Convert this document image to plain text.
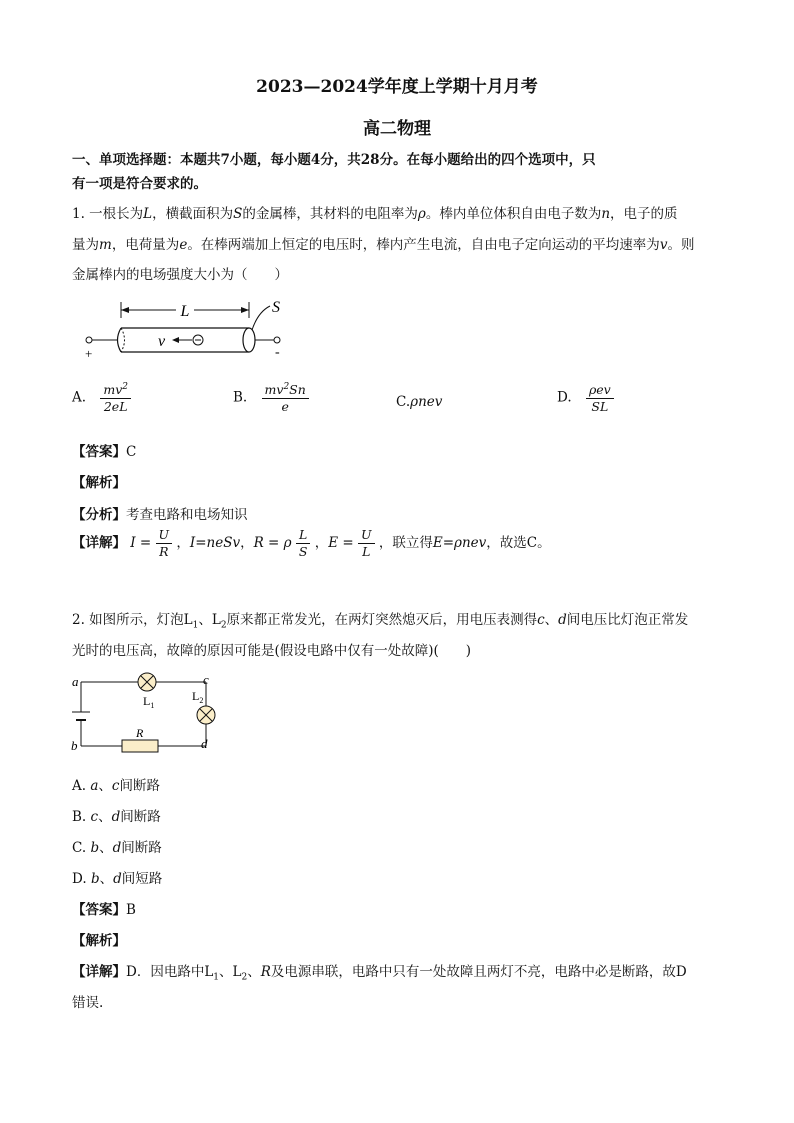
2023—2024学年度上学期十月月考
高二物理
一、单项选择题：本题共7小题，每小题4分，共28分。在每小题给出的四个选项中，只
有一项是符合要求的。
1. 一根长为L，横截面积为S的金属棒，其材料的电阻率为ρ。棒内单位体积自由电子数为n，电子的质
量为m，电荷量为e。在棒两端加上恒定的电压时，棒内产生电流，自由电子定向运动的平均速率为v。则
金属棒内的电场强度大小为（　　）
L	S
+	-
v
A. $\frac{mv^2}{2eL}$	B. $\frac{mv^2Sn}{e}$	C.ρnev	D. $\frac{\text{ρev}}{SL}$
【答案】C
【解析】
【分析】考查电路和电场知识
【详解】 $I = \frac{U}{R}$ ，I=neSv，R = ρ $\frac{L}{S}$ ，$E = \frac{U}{L}$ ，联立得E=ρnev，故选C。
2. 如图所示，灯泡$L_1$、$L_2$原来都正常发光，在两灯突然熄灭后，用电压表测得c、d间电压比灯泡正常发
光时的电压高，故障的原因可能是(假设电路中仅有一处故障)(　　)
a
b
c
d
R
$L_1$
$L_2$
A. a、c间断路
B. c、d间断路
C. b、d间断路
D. b、d间短路
【答案】B
【解析】
【详解】D．因电路中$L_1$、$L_2$、R及电源串联，电路中只有一处故障且两灯不亮，电路中必是断路，故D
错误.
